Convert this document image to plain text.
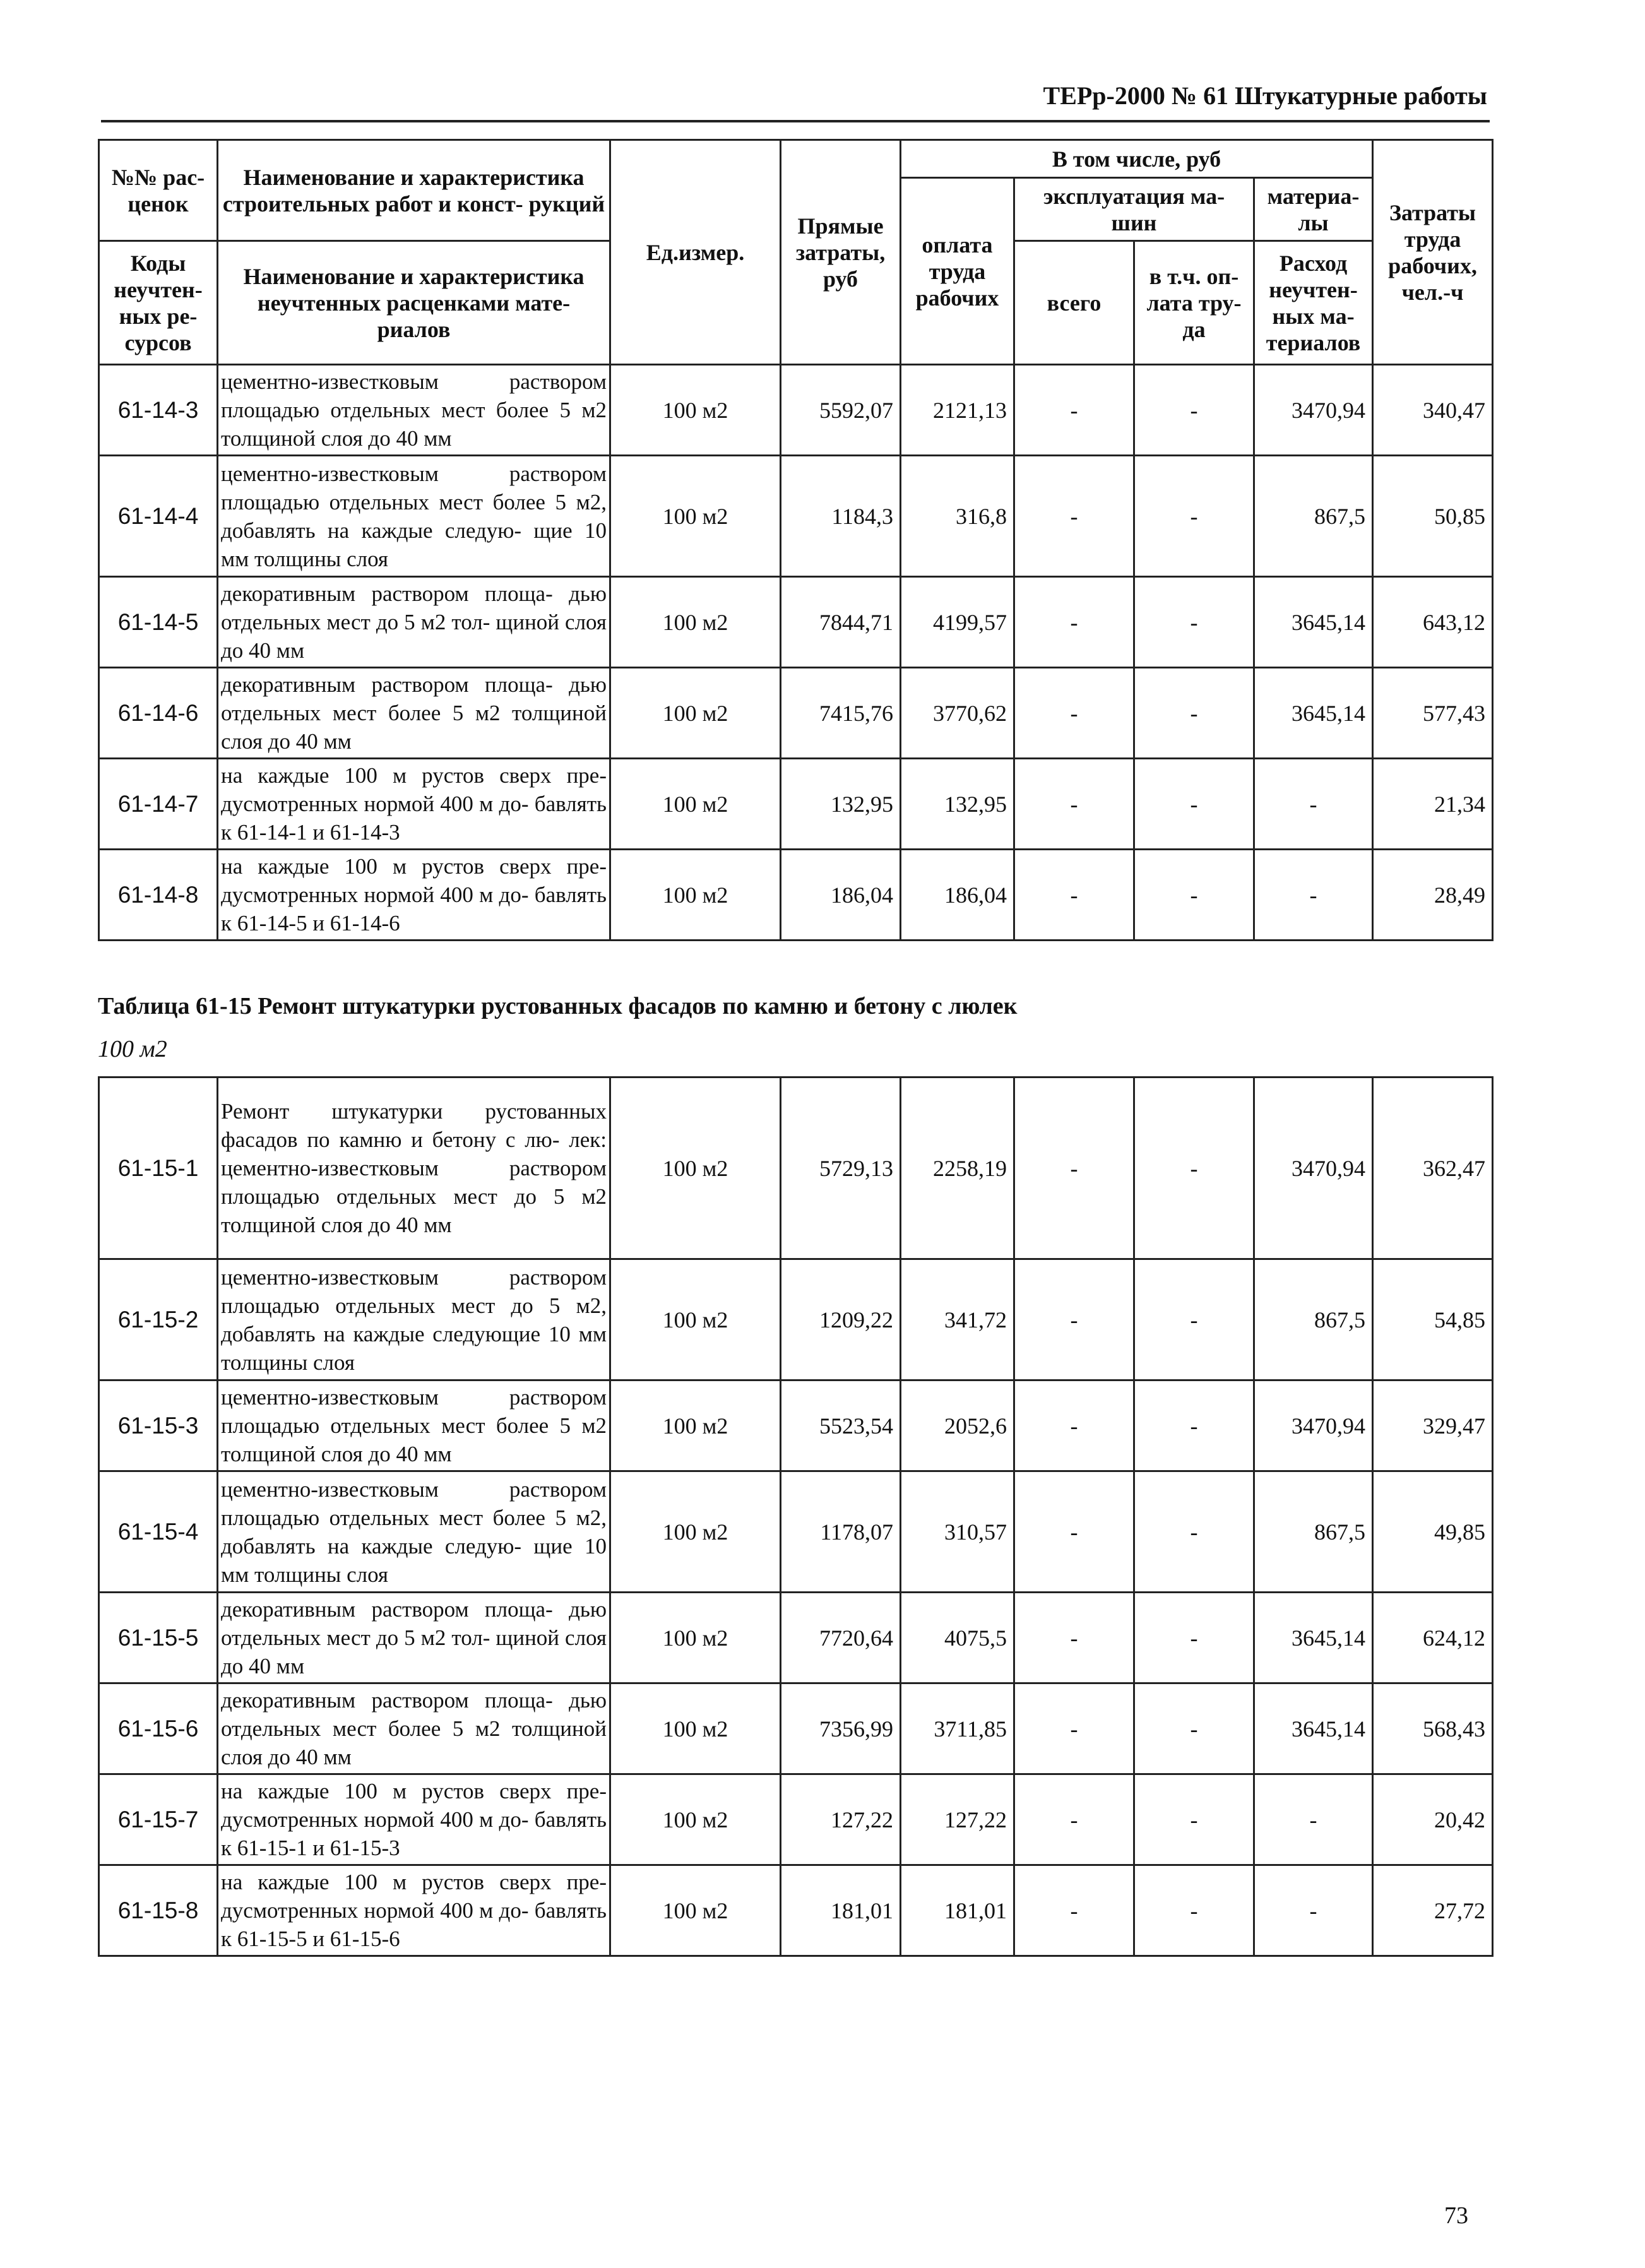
ТЕРр-2000 № 61 Штукатурные работы
№№ рас- ценок	Наименование и характеристика строительных работ и конст- рукций	Ед.измер.	Прямые затраты, руб	В том числе, руб				Затраты труда рабочих, чел.-ч
				оплата труда рабочих	эксплуатация ма- шин		материа- лы	
Коды неучтен- ных ре- сурсов	Наименование и характеристика неучтенных расценками мате- риалов				всего	в т.ч. оп- лата тру- да	Расход неучтен- ных ма- териалов	

61-14-3	цементно-известковым раствором площадью отдельных мест более 5 м2 толщиной слоя до 40 мм	100 м2	5592,07	2121,13	-	-	3470,94	340,47
61-14-4	цементно-известковым раствором площадью отдельных мест более 5 м2, добавлять на каждые следую- щие 10 мм толщины слоя	100 м2	1184,3	316,8	-	-	867,5	50,85
61-14-5	декоративным раствором площа- дью отдельных мест до 5 м2 тол- щиной слоя до 40 мм	100 м2	7844,71	4199,57	-	-	3645,14	643,12
61-14-6	декоративным раствором площа- дью отдельных мест более 5 м2 толщиной слоя до 40 мм	100 м2	7415,76	3770,62	-	-	3645,14	577,43
61-14-7	на каждые 100 м рустов сверх пре- дусмотренных нормой 400 м до- бавлять к 61-14-1 и 61-14-3	100 м2	132,95	132,95	-	-	-	21,34
61-14-8	на каждые 100 м рустов сверх пре- дусмотренных нормой 400 м до- бавлять к 61-14-5 и 61-14-6	100 м2	186,04	186,04	-	-	-	28,49
Таблица 61-15 Ремонт штукатурки рустованных фасадов по камню и бетону с люлек
100 м2
61-15-1	Ремонт штукатурки рустованных фасадов по камню и бетону с лю- лек: цементно-известковым раствором площадью отдельных мест до 5 м2 толщиной слоя до 40 мм	100 м2	5729,13	2258,19	-	-	3470,94	362,47
61-15-2	цементно-известковым раствором площадью отдельных мест до 5 м2, добавлять на каждые следующие 10 мм толщины слоя	100 м2	1209,22	341,72	-	-	867,5	54,85
61-15-3	цементно-известковым раствором площадью отдельных мест более 5 м2 толщиной слоя до 40 мм	100 м2	5523,54	2052,6	-	-	3470,94	329,47
61-15-4	цементно-известковым раствором площадью отдельных мест более 5 м2, добавлять на каждые следую- щие 10 мм толщины слоя	100 м2	1178,07	310,57	-	-	867,5	49,85
61-15-5	декоративным раствором площа- дью отдельных мест до 5 м2 тол- щиной слоя до 40 мм	100 м2	7720,64	4075,5	-	-	3645,14	624,12
61-15-6	декоративным раствором площа- дью отдельных мест более 5 м2 толщиной слоя до 40 мм	100 м2	7356,99	3711,85	-	-	3645,14	568,43
61-15-7	на каждые 100 м рустов сверх пре- дусмотренных нормой 400 м до- бавлять к 61-15-1 и 61-15-3	100 м2	127,22	127,22	-	-	-	20,42
61-15-8	на каждые 100 м рустов сверх пре- дусмотренных нормой 400 м до- бавлять к 61-15-5 и 61-15-6	100 м2	181,01	181,01	-	-	-	27,72
73
